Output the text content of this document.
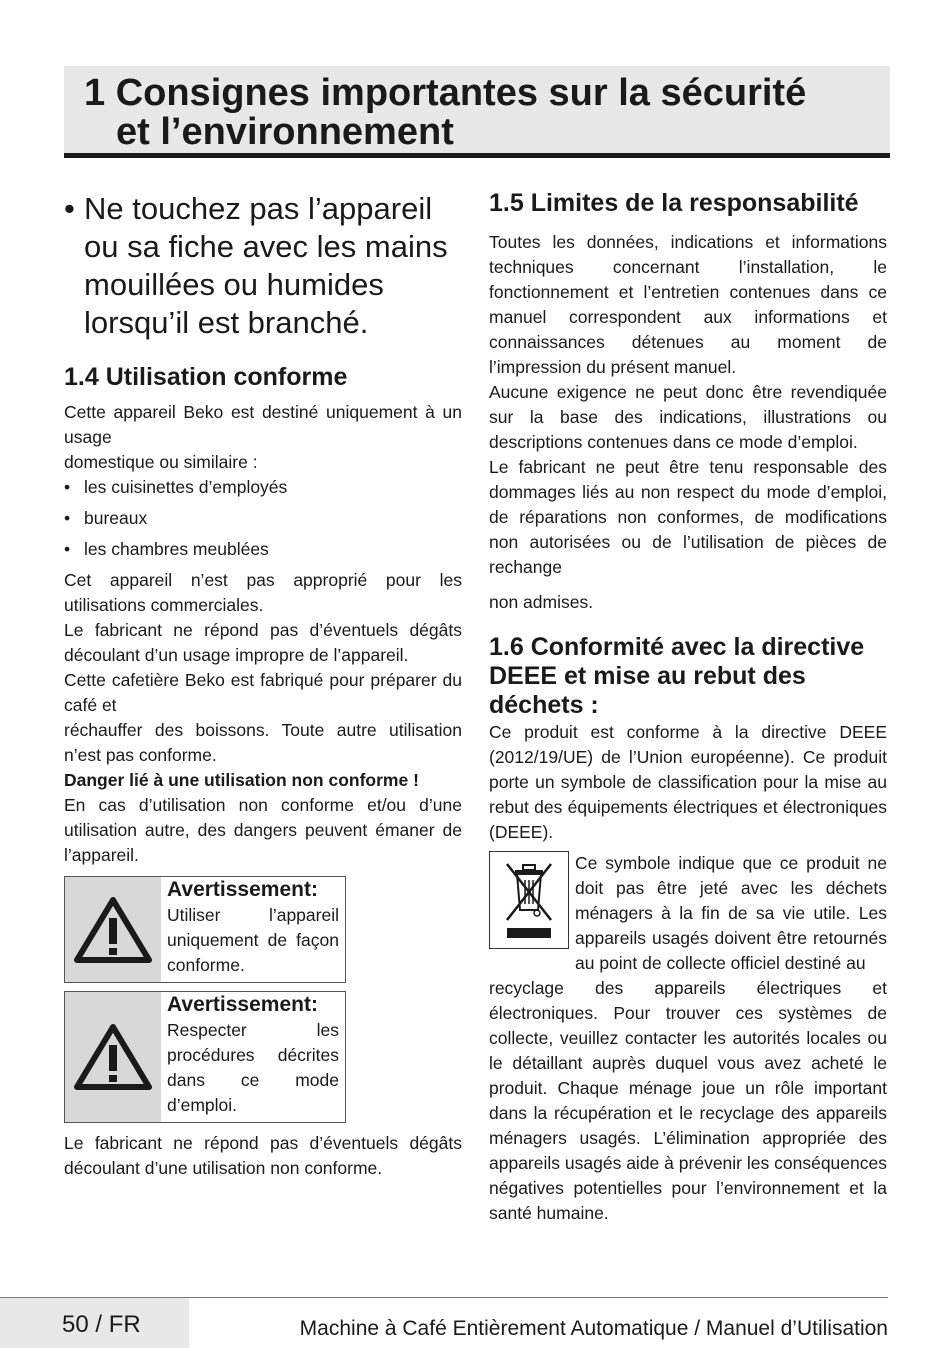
1 Consignes importantes sur la sécurité
et l’environnement
• Ne touchez pas l’appareil ou sa fiche avec les mains mouillées ou humides lorsqu’il est branché.
1.4 Utilisation conforme

Cette appareil Beko est destiné uniquement à un usage

domestique ou similaire :

• les cuisinettes d’employés
• bureaux
• les chambres meublées

Cet appareil n’est pas approprié pour les utilisations commerciales.

Le fabricant ne répond pas d’éventuels dégâts découlant d’un usage impropre de l’appareil.

Cette cafetière Beko est fabriqué pour préparer du café et

réchauffer des boissons. Toute autre utilisation n’est pas conforme.

Danger lié à une utilisation non conforme !

En cas d’utilisation non conforme et/ou d’une utilisation autre, des dangers peuvent émaner de l’appareil.

Avertissement:
Utiliser l’appareil uniquement de façon conforme.
Avertissement:
Respecter les procédures décrites dans ce mode d’emploi.

Le fabricant ne répond pas d’éventuels dégâts découlant d’une utilisation non conforme.

1.5 Limites de la responsabilité

Toutes les données, indications et informations techniques concernant l’installation, le fonctionnement et l’entretien contenues dans ce manuel correspondent aux informations et connaissances détenues au moment de l’impression du présent manuel.

Aucune exigence ne peut donc être revendiquée sur la base des indications, illustrations ou descriptions contenues dans ce mode d’emploi.

Le fabricant ne peut être tenu responsable des dommages liés au non respect du mode d’emploi, de réparations non conformes, de modifications non autorisées ou de l’utilisation de pièces de rechange

non admises.

1.6 Conformité avec la directive DEEE et mise au rebut des déchets :

Ce produit est conforme à la directive DEEE (2012/19/UE) de l’Union européenne). Ce produit porte un symbole de classification pour la mise au rebut des équipements électriques et électroniques (DEEE).

Ce symbole indique que ce produit ne doit pas être jeté avec les déchets ménagers à la fin de sa vie utile. Les appareils usagés doivent être retournés au point de collecte officiel destiné au

recyclage des appareils électriques et électroniques. Pour trouver ces systèmes de collecte, veuillez contacter les autorités locales ou le détaillant auprès duquel vous avez acheté le produit. Chaque ménage joue un rôle important dans la récupération et le recyclage des appareils ménagers usagés. L’élimination appropriée des appareils usagés aide à prévenir les conséquences négatives potentielles pour l’environnement et la santé humaine.

50 / FR	Machine à Café Entièrement Automatique / Manuel d’Utilisation
